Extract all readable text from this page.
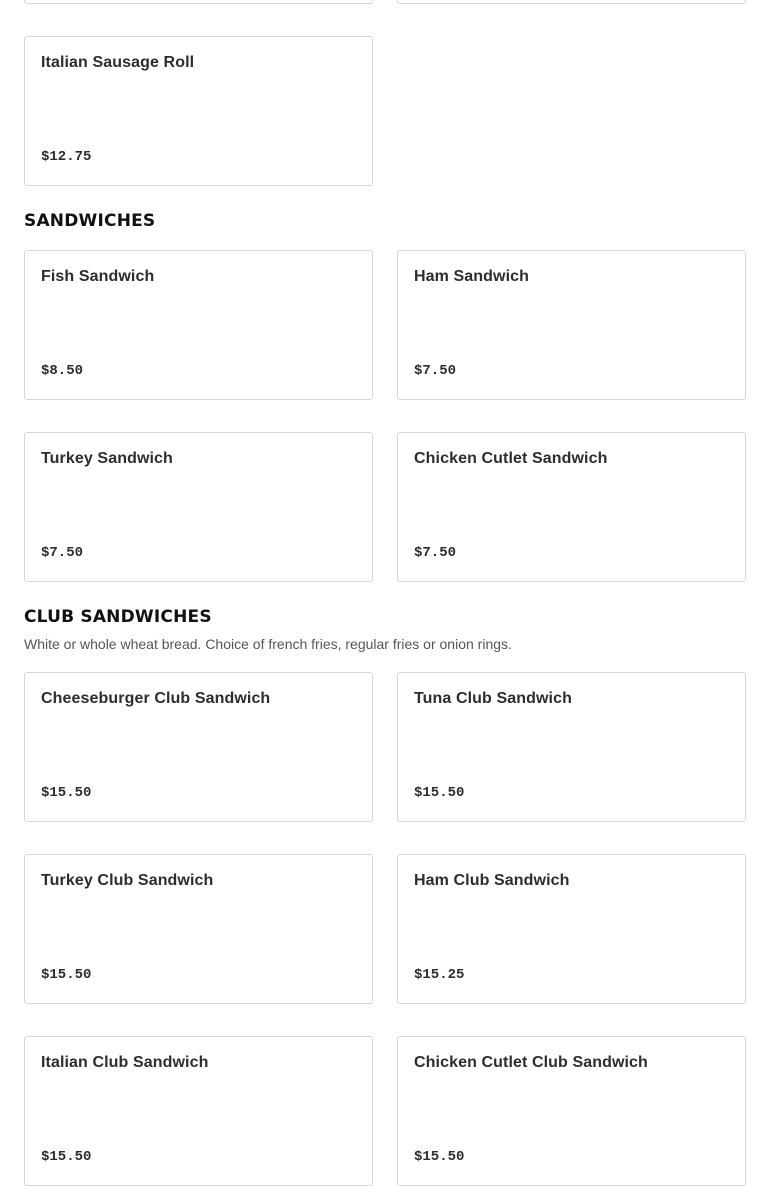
Italian Sausage Roll
$12.75
SANDWICHES
Fish Sandwich
$8.50
Ham Sandwich
$7.50
Turkey Sandwich
$7.50
Chicken Cutlet Sandwich
$7.50
CLUB SANDWICHES
White or whole wheat bread. Choice of french fries, regular fries or onion rings.
Cheeseburger Club Sandwich
$15.50
Tuna Club Sandwich
$15.50
Turkey Club Sandwich
$15.50
Ham Club Sandwich
$15.25
Italian Club Sandwich
$15.50
Chicken Cutlet Club Sandwich
$15.50
